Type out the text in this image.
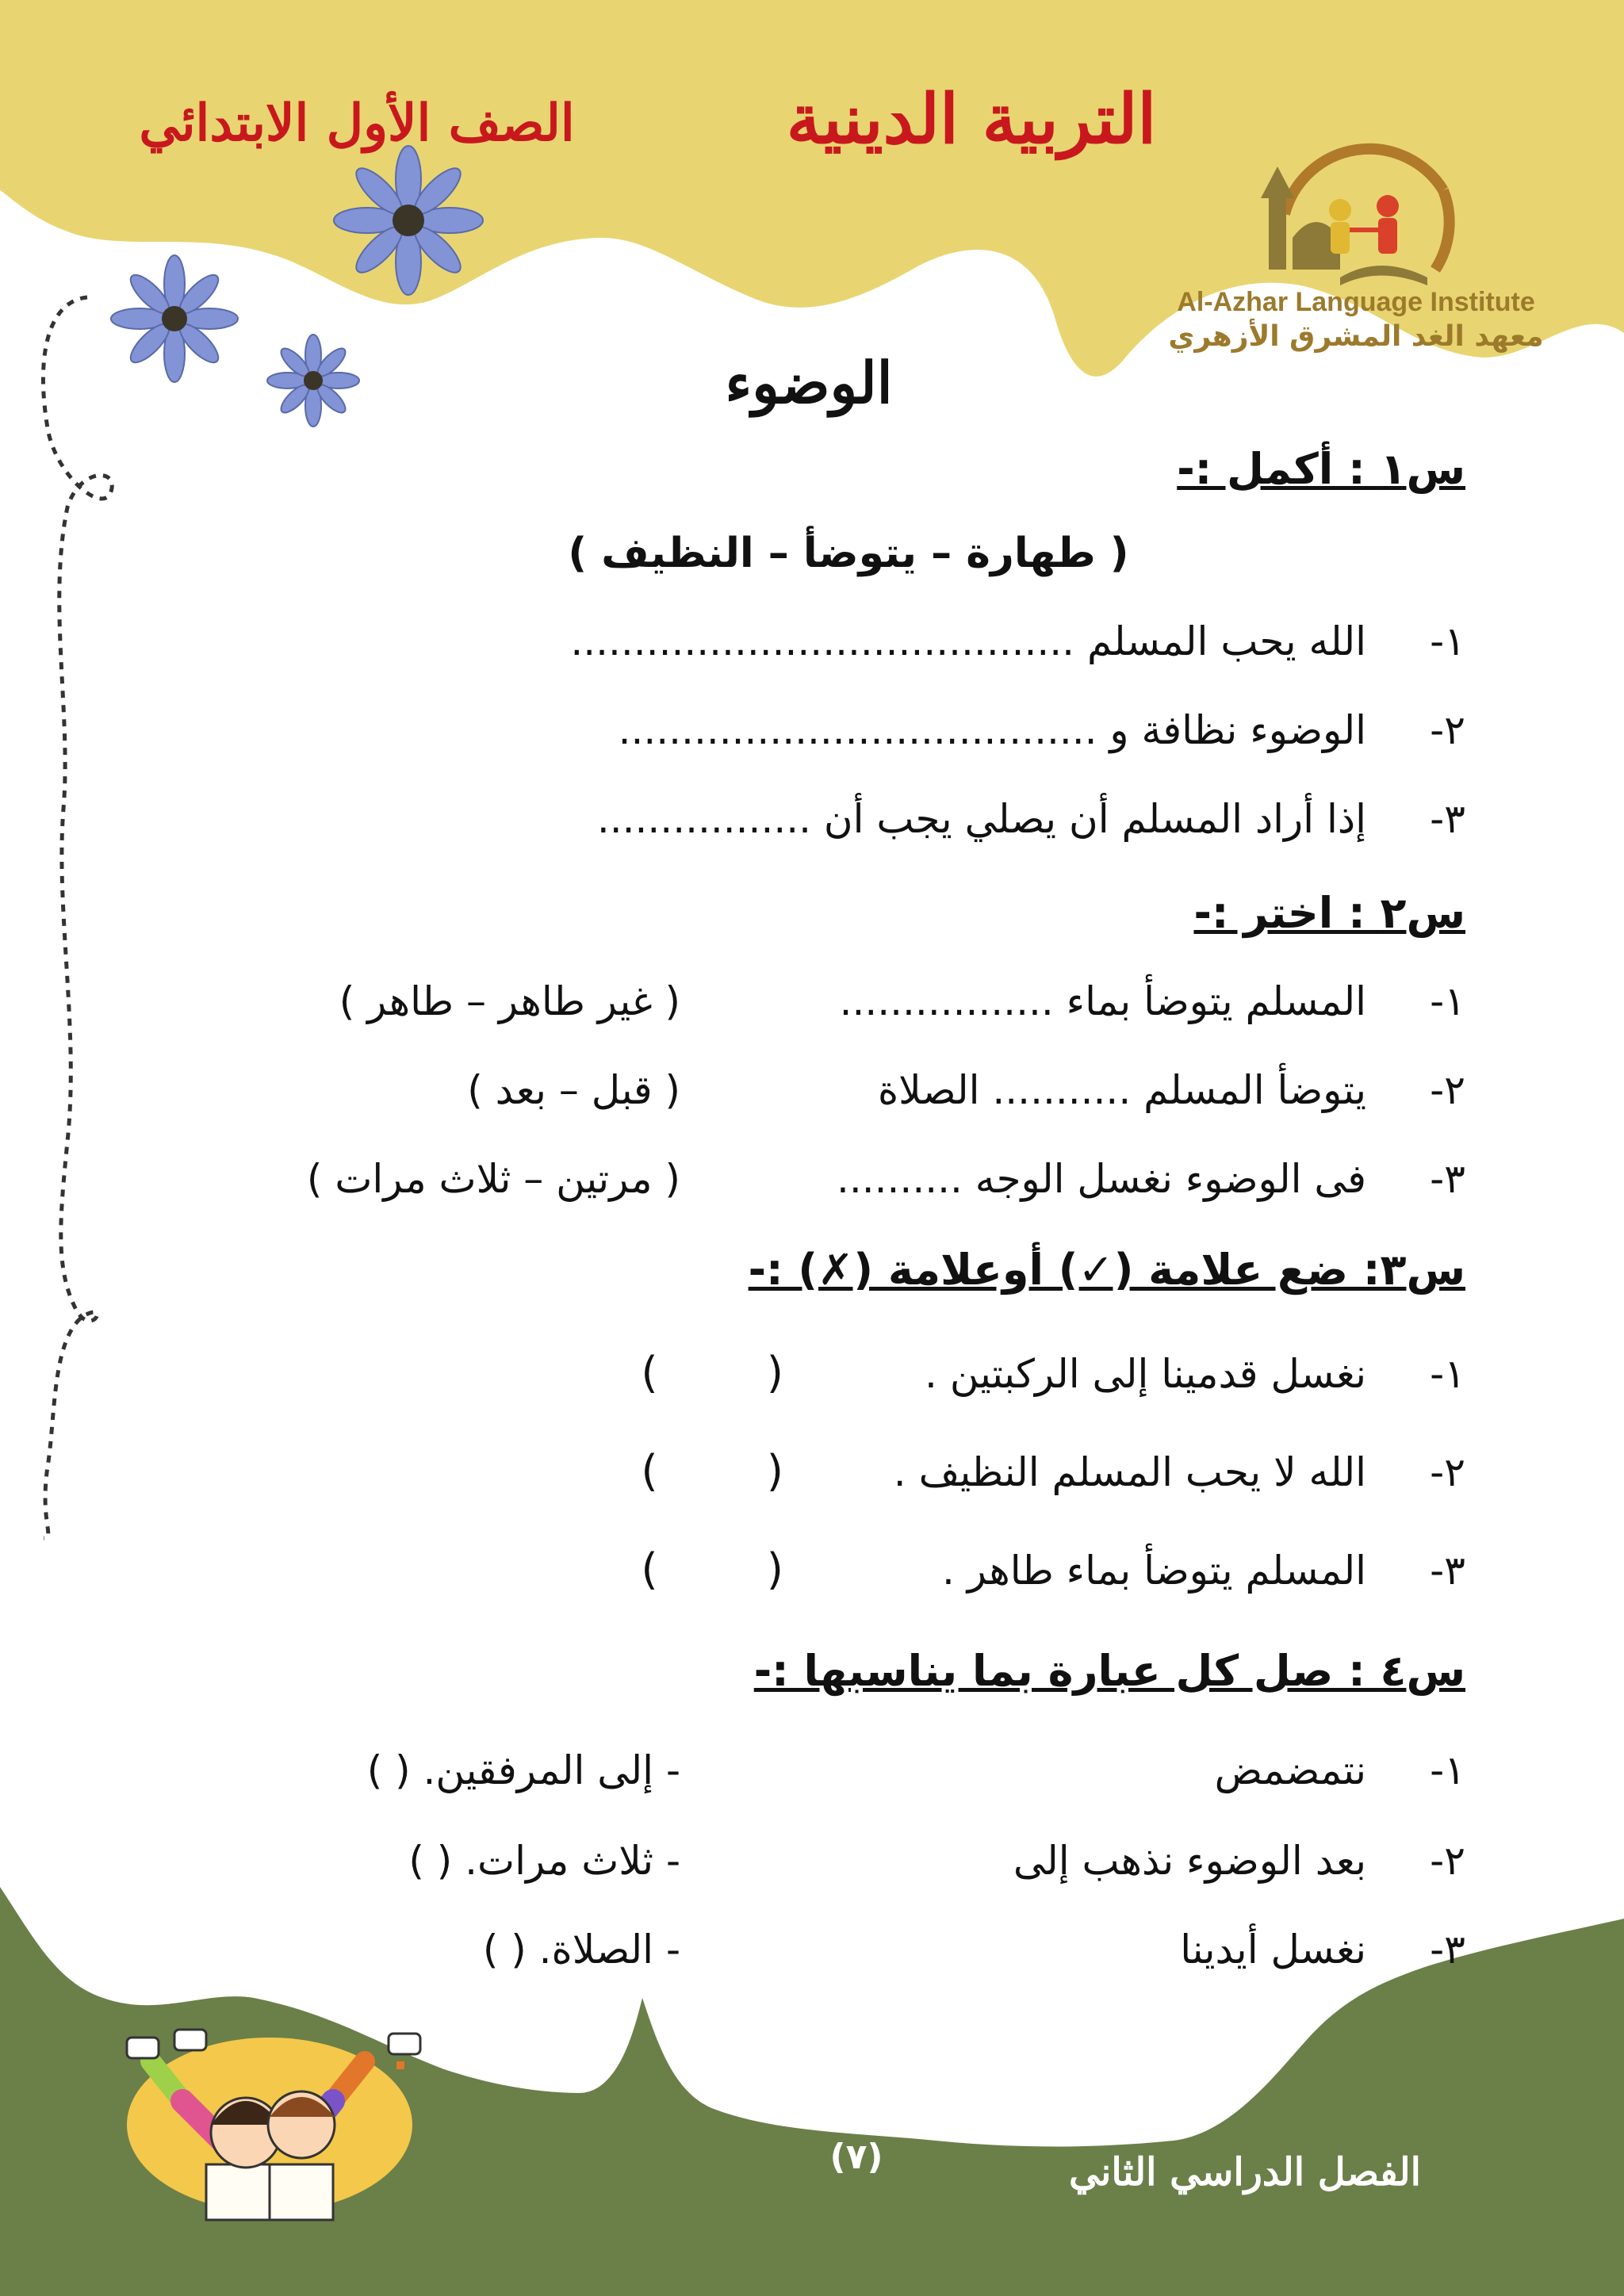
التربية الدينية
الصف الأول الابتدائي
Al-Azhar Language Institute
معهد الغد المشرق الأزهري
الوضوء
س١ : أكمل :-
( طهارة – يتوضأ – النظيف )
١-
الله يحب المسلم ........................................
٢-
الوضوء نظافة و ......................................
٣-
إذا أراد المسلم أن يصلي يجب أن .................
س٢ : اختر :-
١-
المسلم يتوضأ بماء .................
( غير طاهر – طاهر )
٢-
يتوضأ المسلم ........... الصلاة
( قبل – بعد )
٣-
فى الوضوء نغسل الوجه ..........
( مرتين – ثلاث مرات )
س٣: ضع علامة (✓) أوعلامة (✗) :-
١-
نغسل قدمينا إلى الركبتين .
(        )
٢-
الله لا يحب المسلم النظيف .
(        )
٣-
المسلم يتوضأ بماء طاهر .
(        )
س٤ : صل كل عبارة بما يناسبها :-
١-
نتمضمض
- إلى المرفقين. ( )
٢-
بعد الوضوء نذهب إلى
- ثلاث مرات. ( )
٣-
نغسل أيدينا
- الصلاة. ( )
(٧)	الفصل الدراسي الثاني
